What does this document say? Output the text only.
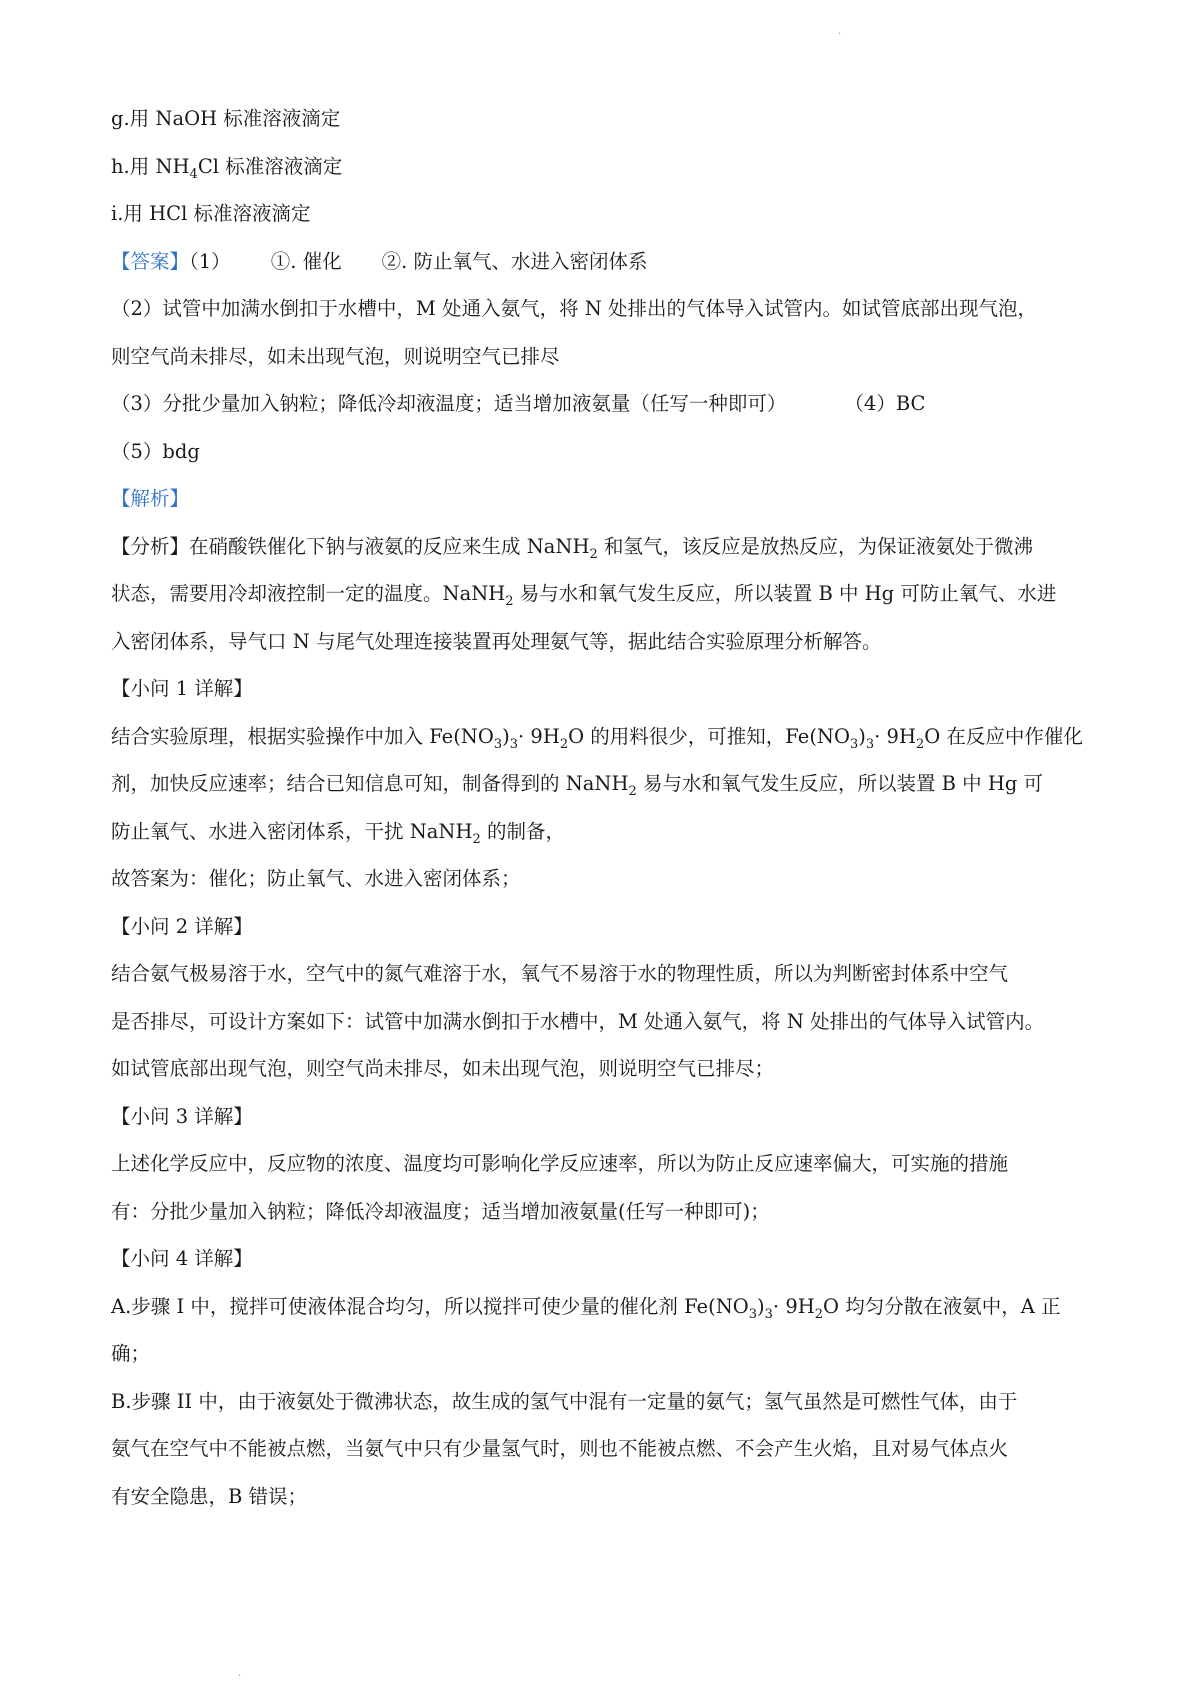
·
·
g.用 NaOH 标准溶液滴定
h.用 $NH_4Cl$ 标准溶液滴定
i.用 HCl 标准溶液滴定
【答案】（1） ①. 催化 ②. 防止氧气、水进入密闭体系
（2）试管中加满水倒扣于水槽中，M 处通入氨气，将 N 处排出的气体导入试管内。如试管底部出现气泡，
则空气尚未排尽，如未出现气泡，则说明空气已排尽
（3）分批少量加入钠粒；降低冷却液温度；适当增加液氨量（任写一种即可）	（4）BC
（5）bdg
【解析】
【分析】在硝酸铁催化下钠与液氨的反应来生成 NaNH$_2$ 和氢气，该反应是放热反应，为保证液氨处于微沸
状态，需要用冷却液控制一定的温度。NaNH$_2$ 易与水和氧气发生反应，所以装置 B 中 Hg 可防止氧气、水进
入密闭体系，导气口 N 与尾气处理连接装置再处理氨气等，据此结合实验原理分析解答。
【小问 1 详解】
结合实验原理，根据实验操作中加入 $Fe(NO_3)_3\cdot 9H_2O$ 的用料很少，可推知，$Fe(NO_3)_3\cdot 9H_2O$ 在反应中作催化
剂，加快反应速率；结合已知信息可知，制备得到的 NaNH$_2$ 易与水和氧气发生反应，所以装置 B 中 Hg 可
防止氧气、水进入密闭体系，干扰 NaNH$_2$ 的制备，
故答案为：催化；防止氧气、水进入密闭体系；
【小问 2 详解】
结合氨气极易溶于水，空气中的氮气难溶于水，氧气不易溶于水的物理性质，所以为判断密封体系中空气
是否排尽，可设计方案如下：试管中加满水倒扣于水槽中，M 处通入氨气，将 N 处排出的气体导入试管内。
如试管底部出现气泡，则空气尚未排尽，如未出现气泡，则说明空气已排尽；
【小问 3 详解】
上述化学反应中，反应物的浓度、温度均可影响化学反应速率，所以为防止反应速率偏大，可实施的措施
有：分批少量加入钠粒；降低冷却液温度；适当增加液氨量(任写一种即可)；
【小问 4 详解】
A.步骤 I 中，搅拌可使液体混合均匀，所以搅拌可使少量的催化剂 $Fe(NO_3)_3\cdot 9H_2O$ 均匀分散在液氨中，A 正
确；
B.步骤 II 中，由于液氨处于微沸状态，故生成的氢气中混有一定量的氨气；氢气虽然是可燃性气体，由于
氨气在空气中不能被点燃，当氨气中只有少量氢气时，则也不能被点燃、不会产生火焰，且对易气体点火
有安全隐患，B 错误；
